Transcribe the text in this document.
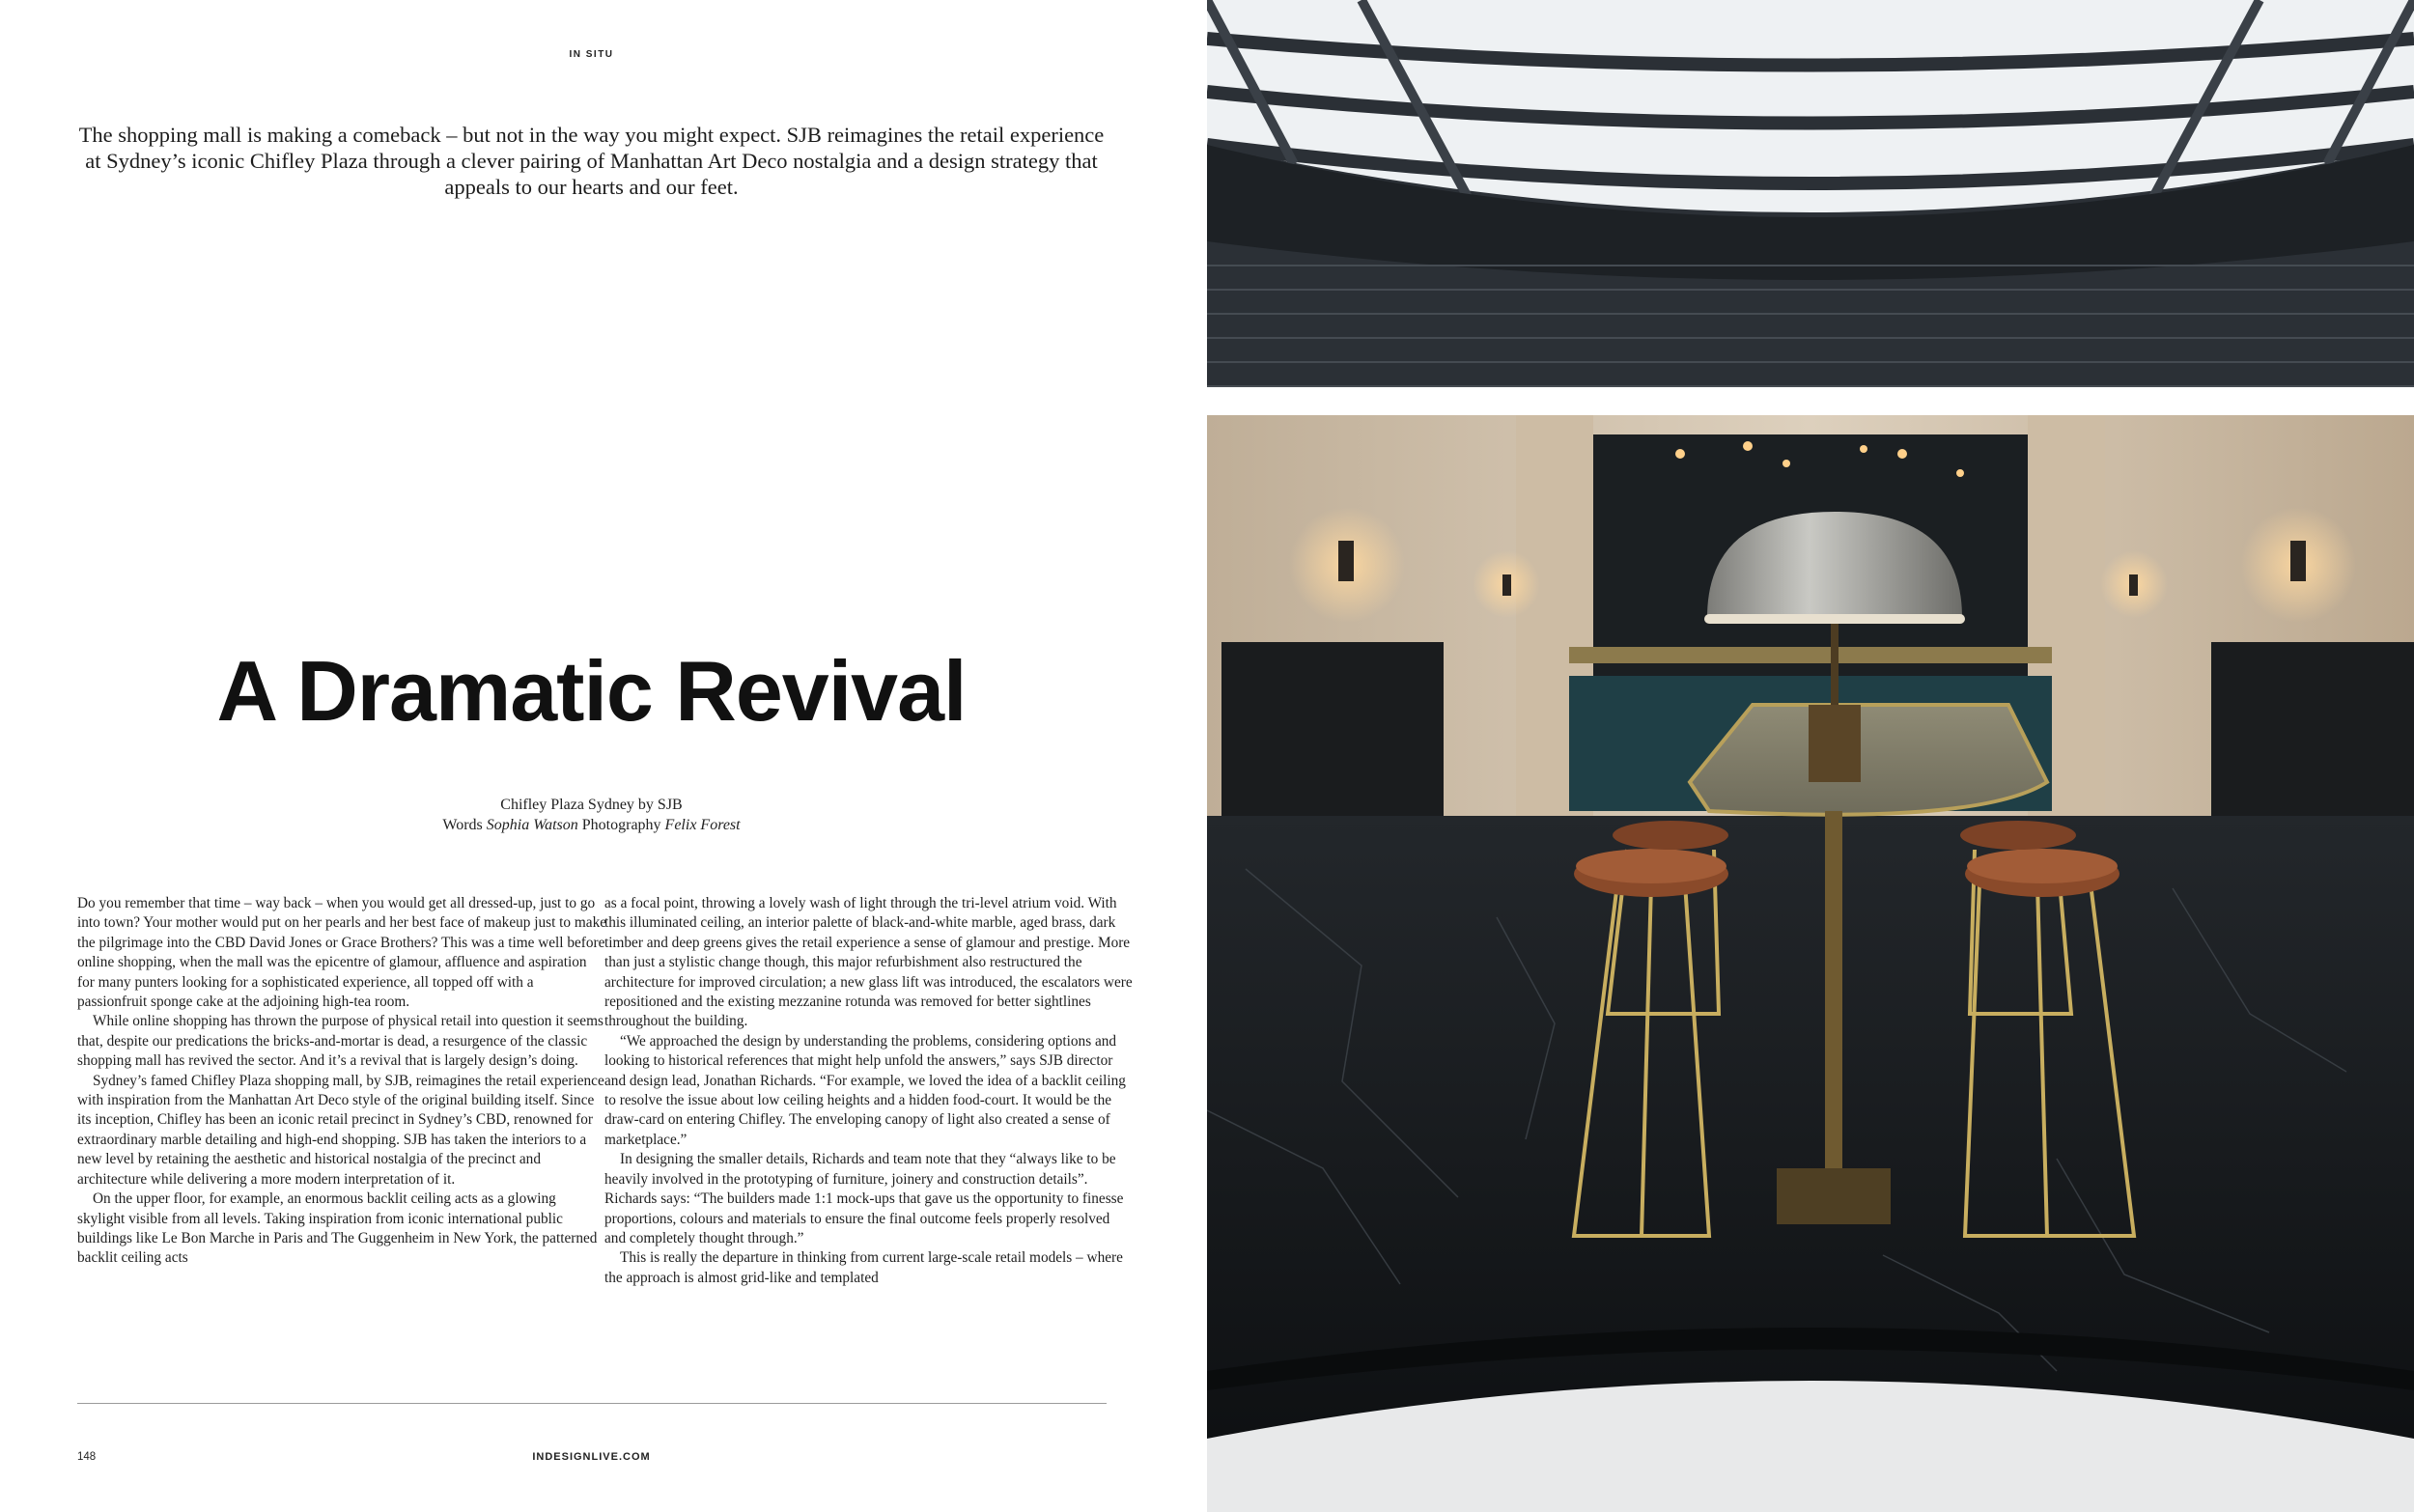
IN SITU
The shopping mall is making a comeback – but not in the way you might expect. SJB reimagines the retail experience at Sydney’s iconic Chifley Plaza through a clever pairing of Manhattan Art Deco nostalgia and a design strategy that appeals to our hearts and our feet.
A Dramatic Revival
Chifley Plaza Sydney by SJB
Words Sophia Watson Photography Felix Forest

Do you remember that time – way back – when you would get all dressed-up, just to go into town? Your mother would put on her pearls and her best face of makeup just to make the pilgrimage into the CBD David Jones or Grace Brothers? This was a time well before online shopping, when the mall was the epicentre of glamour, affluence and aspiration for many punters looking for a sophisticated experience, all topped off with a passionfruit sponge cake at the adjoining high-tea room.

While online shopping has thrown the purpose of physical retail into question it seems that, despite our predications the bricks-and-mortar is dead, a resurgence of the classic shopping mall has revived the sector. And it’s a revival that is largely design’s doing.

Sydney’s famed Chifley Plaza shopping mall, by SJB, reimagines the retail experience with inspiration from the Manhattan Art Deco style of the original building itself. Since its inception, Chifley has been an iconic retail precinct in Sydney’s CBD, renowned for extraordinary marble detailing and high-end shopping. SJB has taken the interiors to a new level by retaining the aesthetic and historical nostalgia of the precinct and architecture while delivering a more modern interpretation of it.

On the upper floor, for example, an enormous backlit ceiling acts as a glowing skylight visible from all levels. Taking inspiration from iconic international public buildings like Le Bon Marche in Paris and The Guggenheim in New York, the patterned backlit ceiling acts

as a focal point, throwing a lovely wash of light through the tri-level atrium void. With this illuminated ceiling, an interior palette of black-and-white marble, aged brass, dark timber and deep greens gives the retail experience a sense of glamour and prestige. More than just a stylistic change though, this major refurbishment also restructured the architecture for improved circulation; a new glass lift was introduced, the escalators were repositioned and the existing mezzanine rotunda was removed for better sightlines throughout the building.

“We approached the design by understanding the problems, considering options and looking to historical references that might help unfold the answers,” says SJB director and design lead, Jonathan Richards. “For example, we loved the idea of a backlit ceiling to resolve the issue about low ceiling heights and a hidden food-court. It would be the draw-card on entering Chifley. The enveloping canopy of light also created a sense of marketplace.”

In designing the smaller details, Richards and team note that they “always like to be heavily involved in the prototyping of furniture, joinery and construction details”. Richards says: “The builders made 1:1 mock-ups that gave us the opportunity to finesse proportions, colours and materials to ensure the final outcome feels properly resolved and completely thought through.”

This is really the departure in thinking from current large-scale retail models – where the approach is almost grid-like and templated

148	INDESIGNLIVE.COM
